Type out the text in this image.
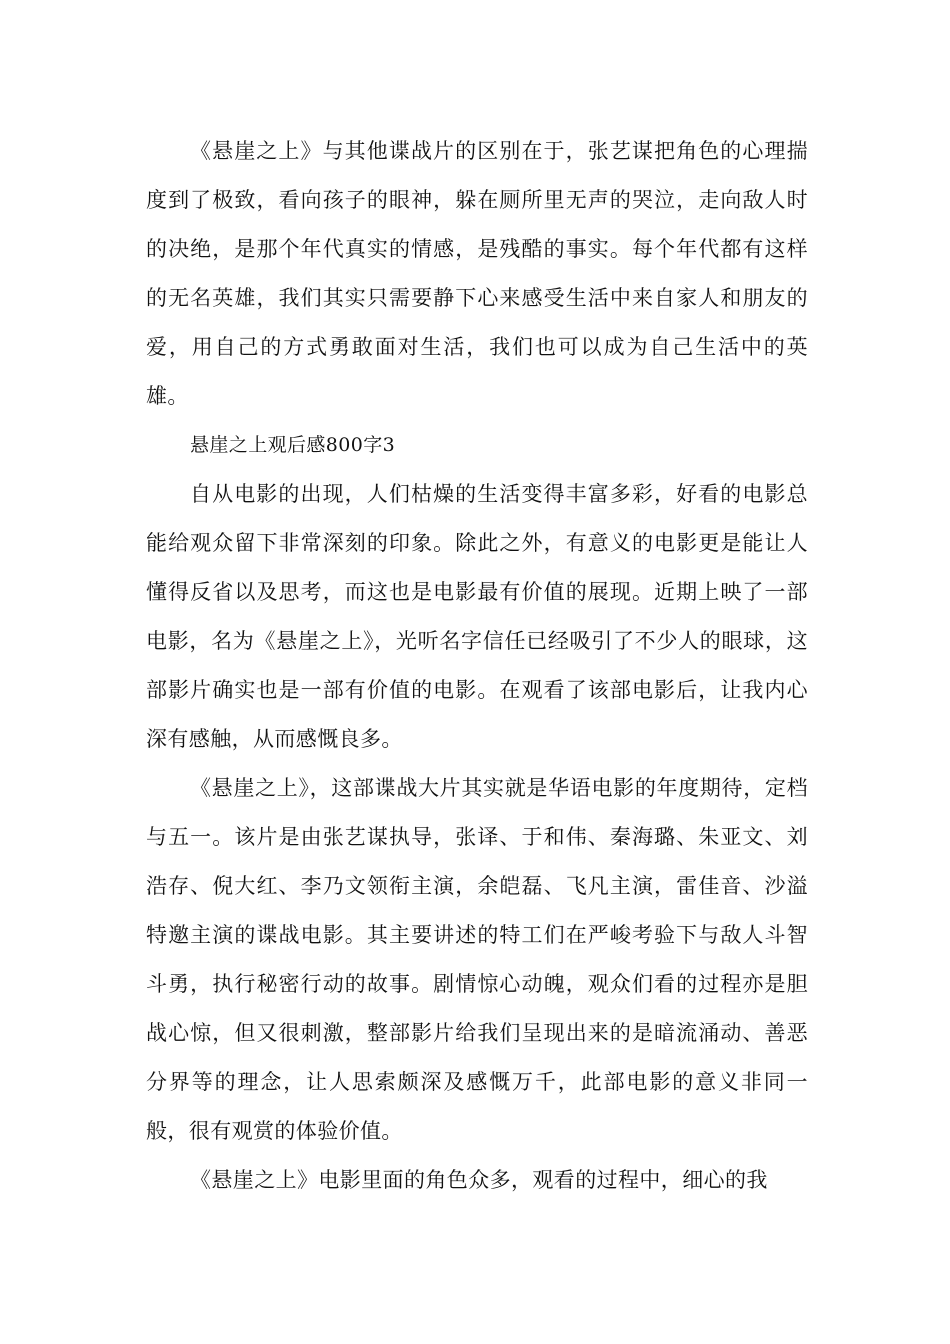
《悬崖之上》与其他谍战片的区别在于，张艺谋把角色的心理揣度到了极致，看向孩子的眼神，躲在厕所里无声的哭泣，走向敌人时的决绝，是那个年代真实的情感，是残酷的事实。每个年代都有这样的无名英雄，我们其实只需要静下心来感受生活中来自家人和朋友的爱，用自己的方式勇敢面对生活，我们也可以成为自己生活中的英雄。

悬崖之上观后感800字3

自从电影的出现，人们枯燥的生活变得丰富多彩，好看的电影总能给观众留下非常深刻的印象。除此之外，有意义的电影更是能让人懂得反省以及思考，而这也是电影最有价值的展现。近期上映了一部电影，名为《悬崖之上》，光听名字信任已经吸引了不少人的眼球，这部影片确实也是一部有价值的电影。在观看了该部电影后，让我内心深有感触，从而感慨良多。

《悬崖之上》，这部谍战大片其实就是华语电影的年度期待，定档与五一。该片是由张艺谋执导，张译、于和伟、秦海璐、朱亚文、刘浩存、倪大红、李乃文领衔主演，余皑磊、飞凡主演，雷佳音、沙溢特邀主演的谍战电影。其主要讲述的特工们在严峻考验下与敌人斗智斗勇，执行秘密行动的故事。剧情惊心动魄，观众们看的过程亦是胆战心惊，但又很刺激，整部影片给我们呈现出来的是暗流涌动、善恶分界等的理念，让人思索颇深及感慨万千，此部电影的意义非同一般，很有观赏的体验价值。

《悬崖之上》电影里面的角色众多，观看的过程中，细心的我
